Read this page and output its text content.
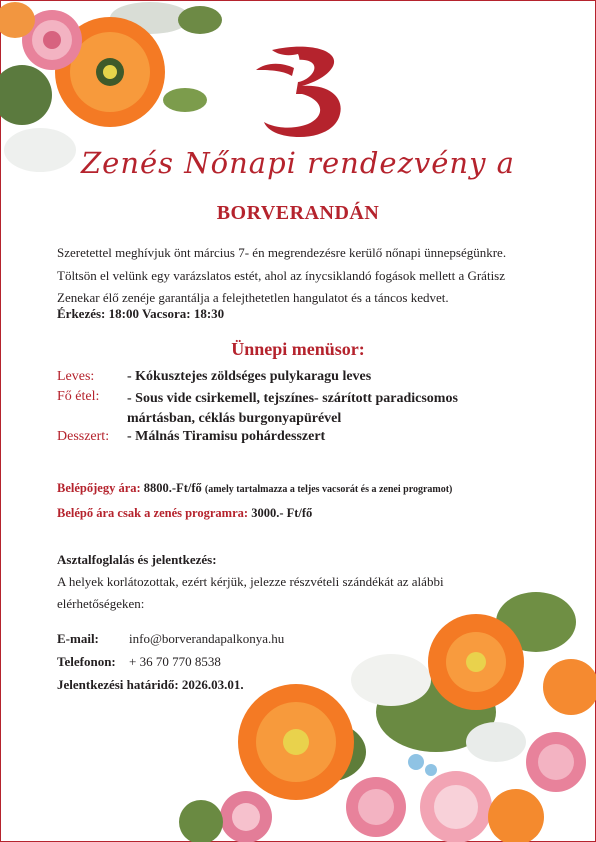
Zenés Nőnapi rendezvény a
BORVERANDÁN

Szeretettel meghívjuk önt március 7- én megrendezésre kerülő nőnapi ünnepségünkre.

Töltsön el velünk egy varázslatos estét, ahol az ínycsiklandó fogások mellett a Grátisz

Zenekar élő zenéje garantálja a felejthetetlen hangulatot és a táncos kedvet.

Érkezés: 18:00 Vacsora: 18:30
Ünnepi menüsor:
Leves: - Kókusztejes zöldséges pulykaragu leves
Fő étel: - Sous vide csirkemell, tejszínes- szárított paradicsomos mártásban, céklás burgonyapürével
Desszert: - Málnás Tiramisu pohárdesszert
Belépőjegy ára: 8800.-Ft/fő (amely tartalmazza a teljes vacsorát és a zenei programot)
Belépő ára csak a zenés programra: 3000.- Ft/fő

Asztalfoglalás és jelentkezés:

A helyek korlátozottak, ezért kérjük, jelezze részvételi szándékát az alábbi

elérhetőségeken:

E-mail: info@borverandapalkonya.hu
Telefonon: + 36 70 770 8538
Jelentkezési határidő: 2026.03.01.
